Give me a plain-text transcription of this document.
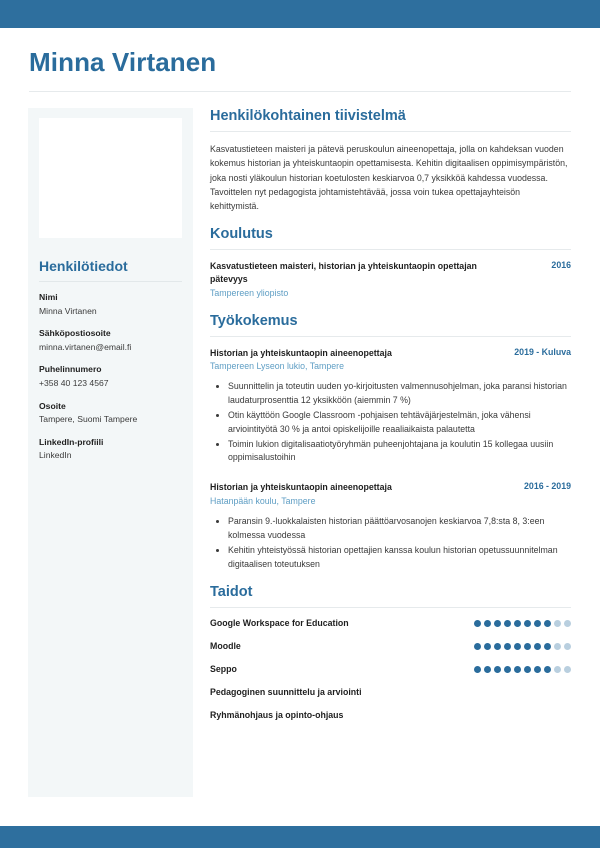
Minna Virtanen
Henkilötiedot
Nimi
Minna Virtanen
Sähköpostiosoite
minna.virtanen@email.fi
Puhelinnumero
+358 40 123 4567
Osoite
Tampere, Suomi Tampere
LinkedIn-profiili
LinkedIn
Henkilökohtainen tiivistelmä
Kasvatustieteen maisteri ja pätevä peruskoulun aineenopettaja, jolla on kahdeksan vuoden kokemus historian ja yhteiskuntaopin opettamisesta. Kehitin digitaalisen oppimisympäristön, joka nosti yläkoulun historian koetulosten keskiarvoa 0,7 yksikköä kahdessa vuodessa. Tavoittelen nyt pedagogista johtamistehtävää, jossa voin tukea opettajayhteisön kehittymistä.
Koulutus
Kasvatustieteen maisteri, historian ja yhteiskuntaopin opettajan pätevyys
2016
Tampereen yliopisto
Työkokemus
Historian ja yhteiskuntaopin aineenopettaja	2019 - Kuluva
Tampereen Lyseon lukio, Tampere
• Suunnittelin ja toteutin uuden yo-kirjoitusten valmennusohjelman, joka paransi historian laudaturprosenttia 12 yksikköön (aiemmin 7 %)
• Otin käyttöön Google Classroom -pohjaisen tehtäväjärjestelmän, joka vähensi arviointityötä 30 % ja antoi opiskelijoille reaaliaikaista palautetta
• Toimin lukion digitalisaatiotyöryhmän puheenjohtajana ja koulutin 15 kollegaa uusiin oppimisalustoihin
Historian ja yhteiskuntaopin aineenopettaja	2016 - 2019
Hatanpään koulu, Tampere
• Paransin 9.-luokkalaisten historian päättöarvosanojen keskiarvoa 7,8:sta 8, 3:een kolmessa vuodessa
• Kehitin yhteistyössä historian opettajien kanssa koulun historian opetussuunnitelman digitaalisen toteutuksen
Taidot
Google Workspace for Education
Moodle
Seppo
Pedagoginen suunnittelu ja arviointi
Ryhmänohjaus ja opinto-ohjaus
